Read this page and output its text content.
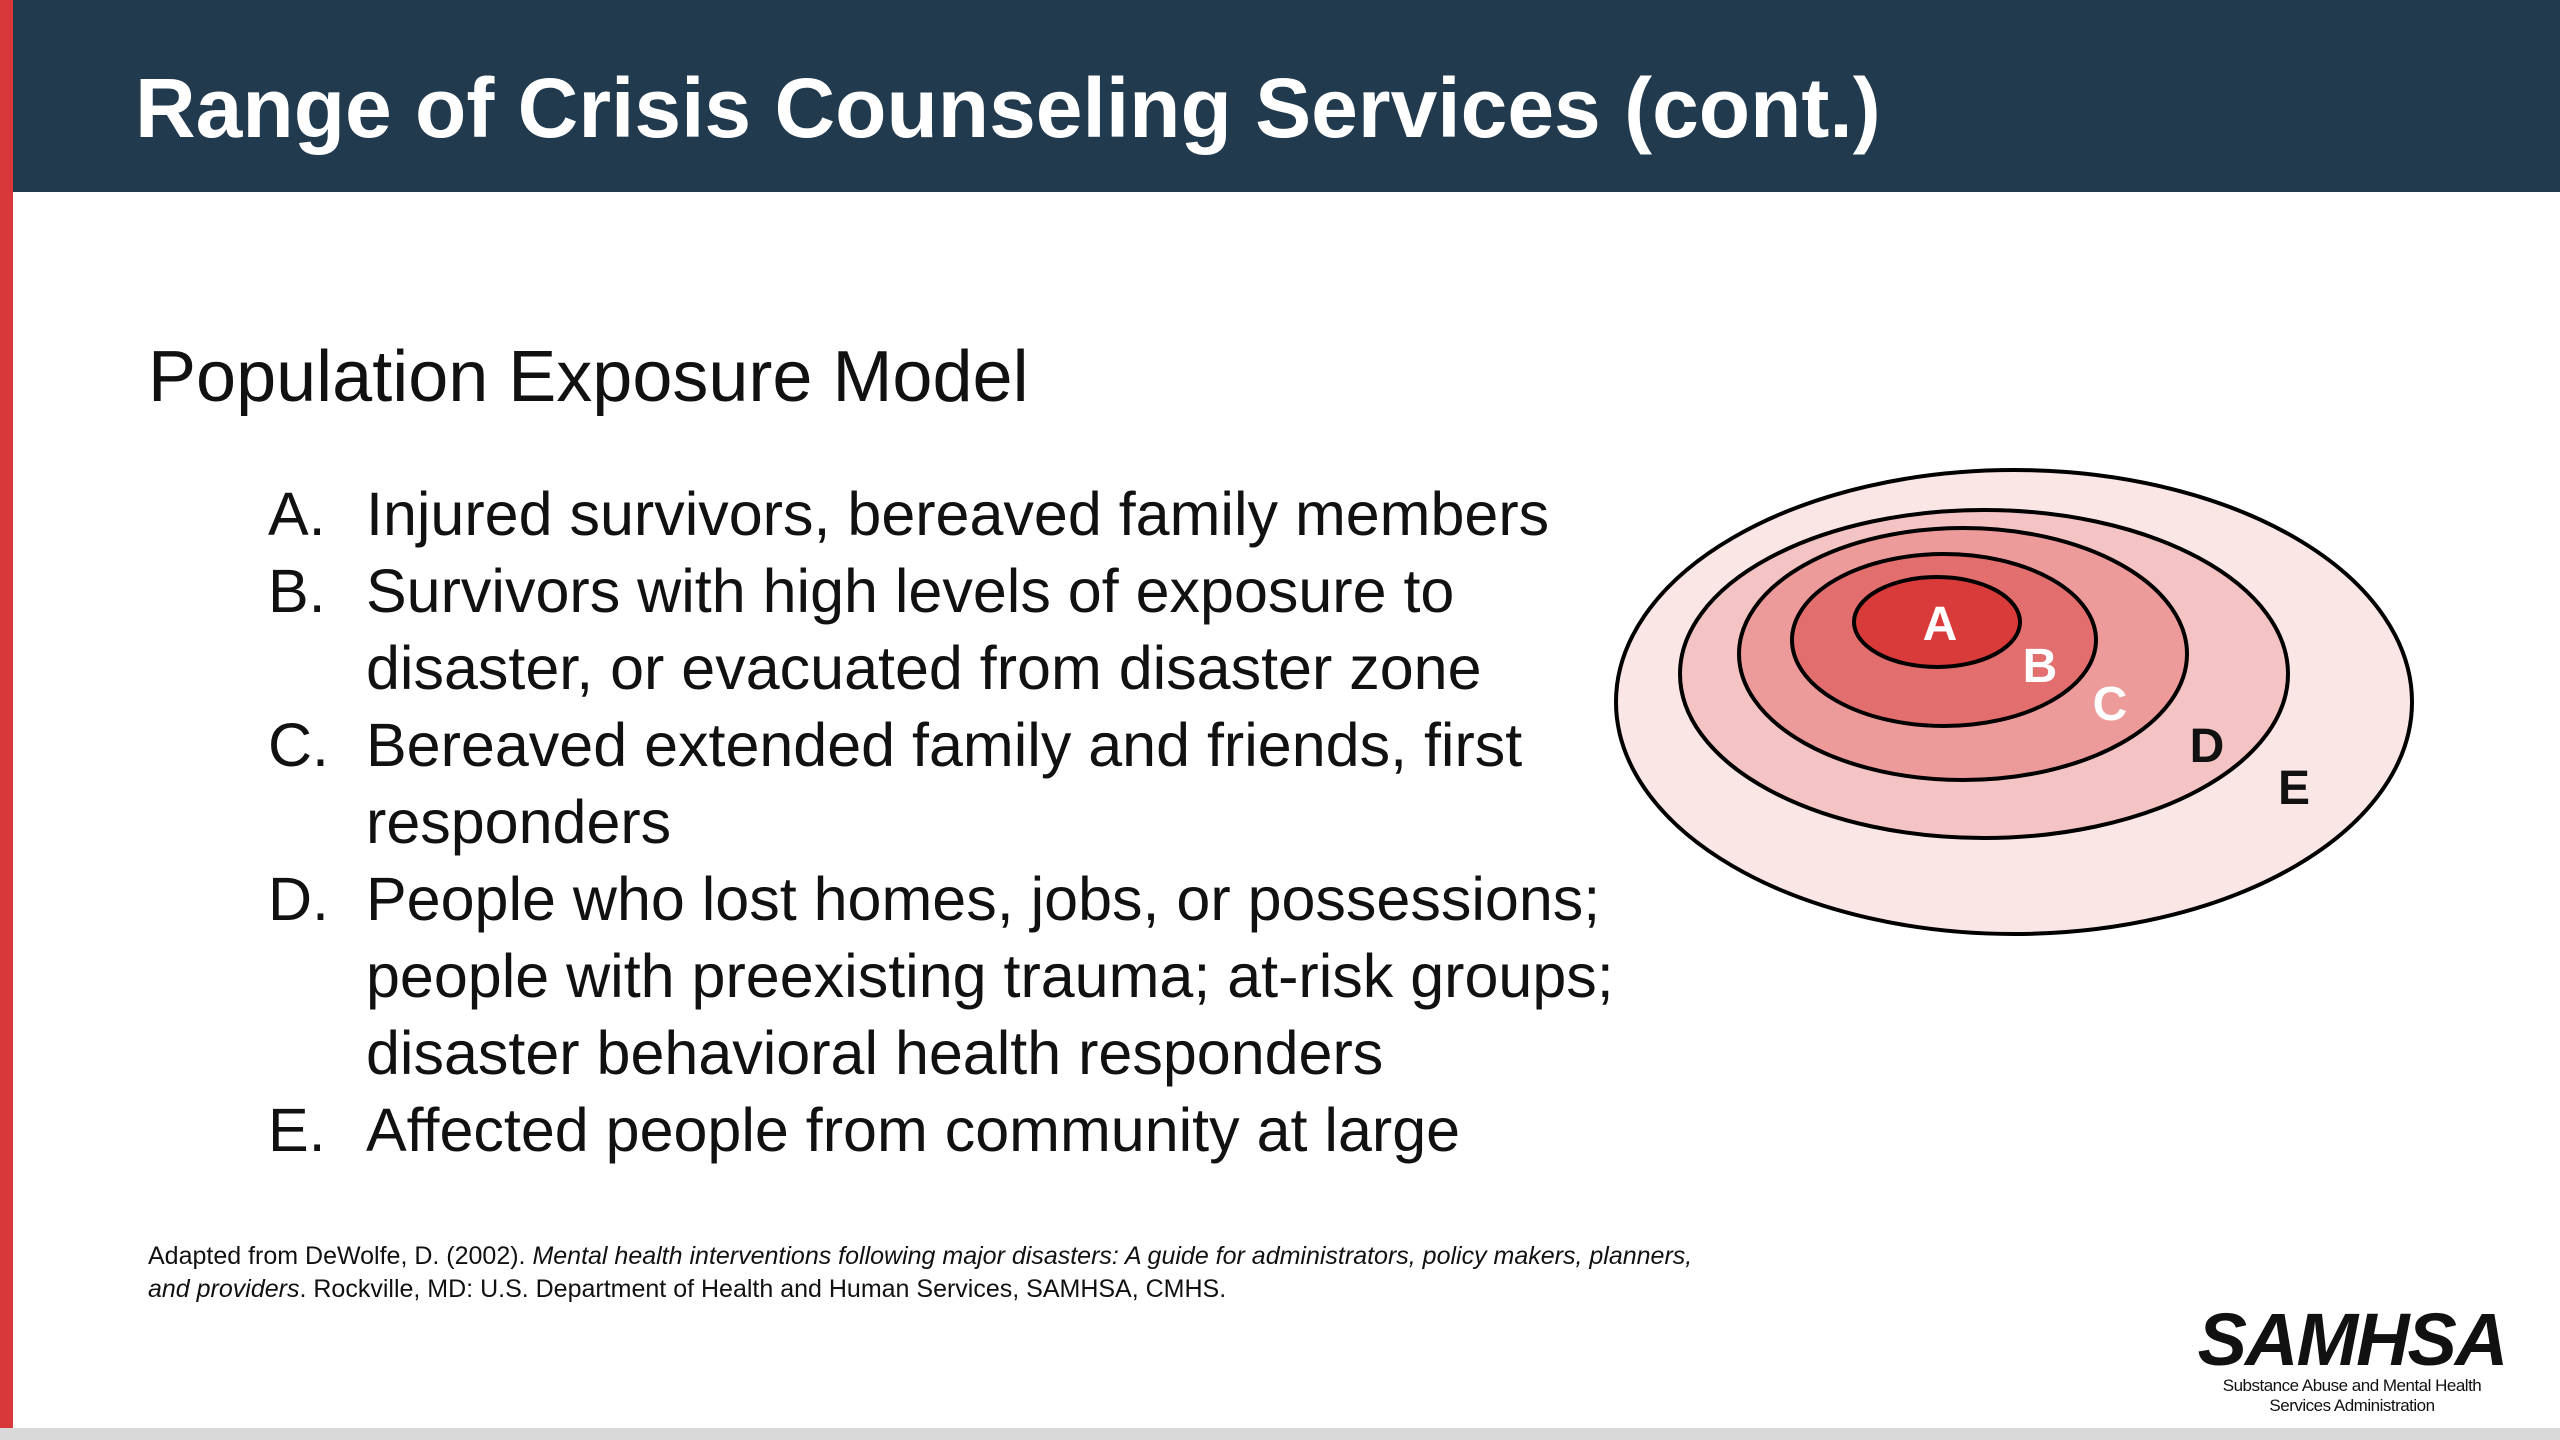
Range of Crisis Counseling Services (cont.)
Population Exposure Model
A. Injured survivors, bereaved family members
B. Survivors with high levels of exposure to disaster, or evacuated from disaster zone
C. Bereaved extended family and friends, first responders
D. People who lost homes, jobs, or possessions; people with preexisting trauma; at-risk groups; disaster behavioral health responders
E. Affected people from community at large
A
B
C
D
E
Adapted from DeWolfe, D. (2002). Mental health interventions following major disasters: A guide for administrators, policy makers, planners, and providers. Rockville, MD: U.S. Department of Health and Human Services, SAMHSA, CMHS.
SAMHSA
Substance Abuse and Mental Health
Services Administration
